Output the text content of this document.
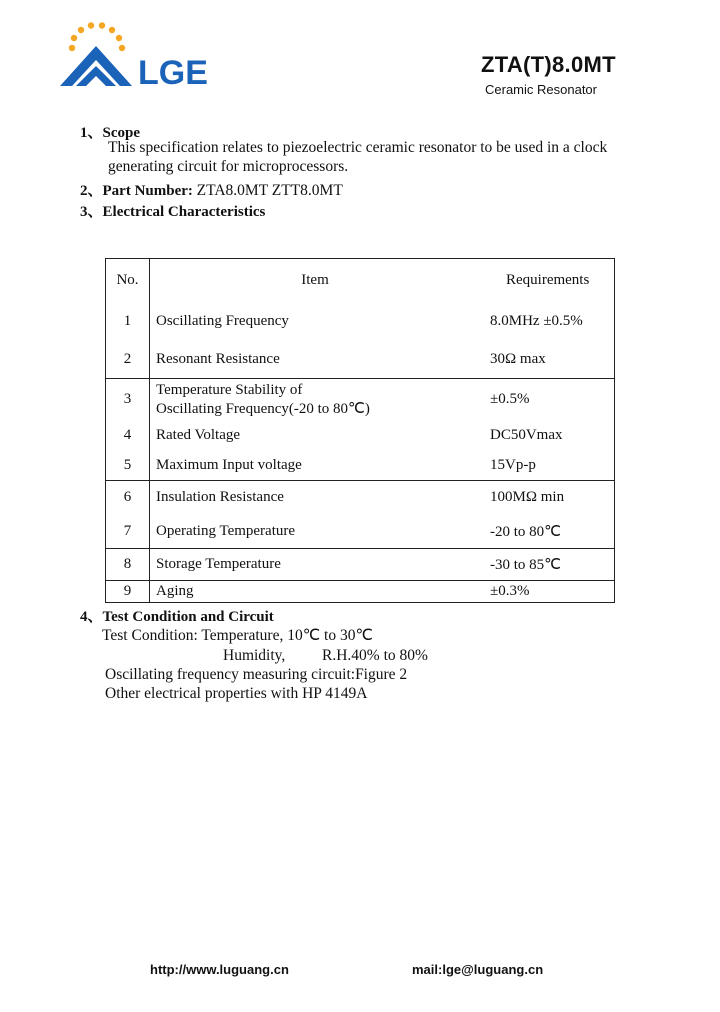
LGE	ZTA(T)8.0MT
Ceramic Resonator
1、Scope
This specification relates to piezoelectric ceramic resonator to be used in a clock
generating circuit for microprocessors.
2、Part Number: ZTA8.0MT ZTT8.0MT
3、Electrical Characteristics
No.	Item	Requirements
1	Oscillating Frequency	8.0MHz ±0.5%
2	Resonant Resistance	30Ω max
3	Temperature Stability of
Oscillating Frequency(-20 to 80℃)	±0.5%
4	Rated Voltage	DC50Vmax
5	Maximum Input voltage	15Vp-p
6	Insulation Resistance	100MΩ min
7	Operating Temperature	-20 to 80℃
8	Storage Temperature	-30 to 85℃
9	Aging	±0.3%
4、Test Condition and Circuit
Test Condition: Temperature, 10℃ to 30℃
Humidity, R.H.40% to 80%
Oscillating frequency measuring circuit:Figure 2
Other electrical properties with HP 4149A
http://www.luguang.cn	mail:lge@luguang.cn
